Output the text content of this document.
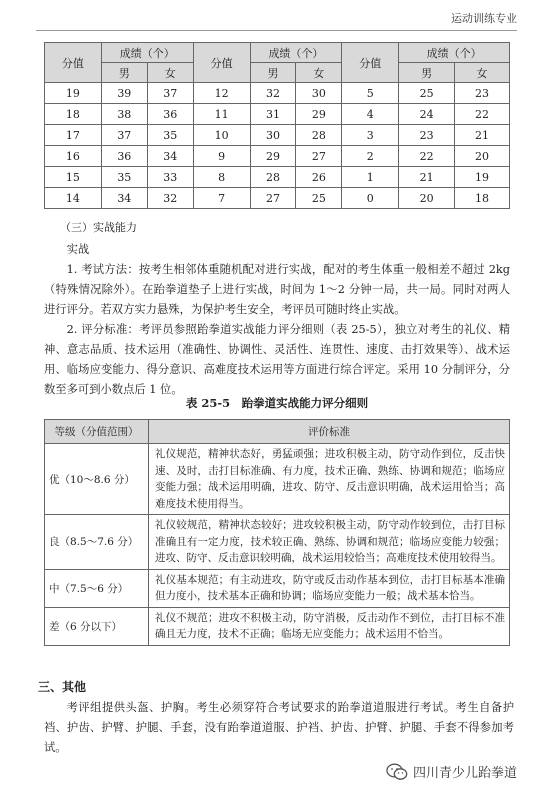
运动训练专业
分值	成绩（个）		分值	成绩（个）		分值	成绩（个）	
	男	女		男	女		男	女
19	39	37	12	32	30	5	25	23
18	38	36	11	31	29	4	24	22
17	37	35	10	30	28	3	23	21
16	36	34	9	29	27	2	22	20
15	35	33	8	28	26	1	21	19
14	34	32	7	27	25	0	20	18
（三）实战能力

实战

1. 考试方法：按考生相邻体重随机配对进行实战，配对的考生体重一般相差不超过 2kg（特殊情况除外）。在跆拳道垫子上进行实战，时间为 1～2 分钟一局，共一局。同时对两人进行评分。若双方实力悬殊，为保护考生安全，考评员可随时终止实战。

2. 评分标准：考评员参照跆拳道实战能力评分细则（表 25-5），独立对考生的礼仪、精神、意志品质、技术运用（准确性、协调性、灵活性、连贯性、速度、击打效果等）、战术运用、临场应变能力、得分意识、高难度技术运用等方面进行综合评定。采用 10 分制评分，分数至多可到小数点后 1 位。

表 25-5　跆拳道实战能力评分细则
等级（分值范围）	评价标准
优（10～8.6 分）	礼仪规范，精神状态好，勇猛顽强；进攻积极主动，防守动作到位，反击快速、及时，击打目标准确、有力度，技术正确、熟练、协调和规范；临场应变能力强；战术运用明确，进攻、防守、反击意识明确，战术运用恰当；高难度技术使用得当。
良（8.5～7.6 分）	礼仪较规范，精神状态较好；进攻较积极主动，防守动作较到位，击打目标准确且有一定力度，技术较正确、熟练、协调和规范；临场应变能力较强；进攻、防守、反击意识较明确，战术运用较恰当；高难度技术使用较得当。
中（7.5～6 分）	礼仪基本规范；有主动进攻，防守或反击动作基本到位，击打目标基本准确但力度小，技术基本正确和协调；临场应变能力一般；战术基本恰当。
差（6 分以下）	礼仪不规范；进攻不积极主动，防守消极，反击动作不到位，击打目标不准确且无力度，技术不正确；临场无应变能力；战术运用不恰当。
三、其他

考评组提供头盔、护胸。考生必须穿符合考试要求的跆拳道道服进行考试。考生自备护裆、护齿、护臂、护腿、手套，没有跆拳道道服、护裆、护齿、护臂、护腿、手套不得参加考试。

四川青少儿跆拳道
